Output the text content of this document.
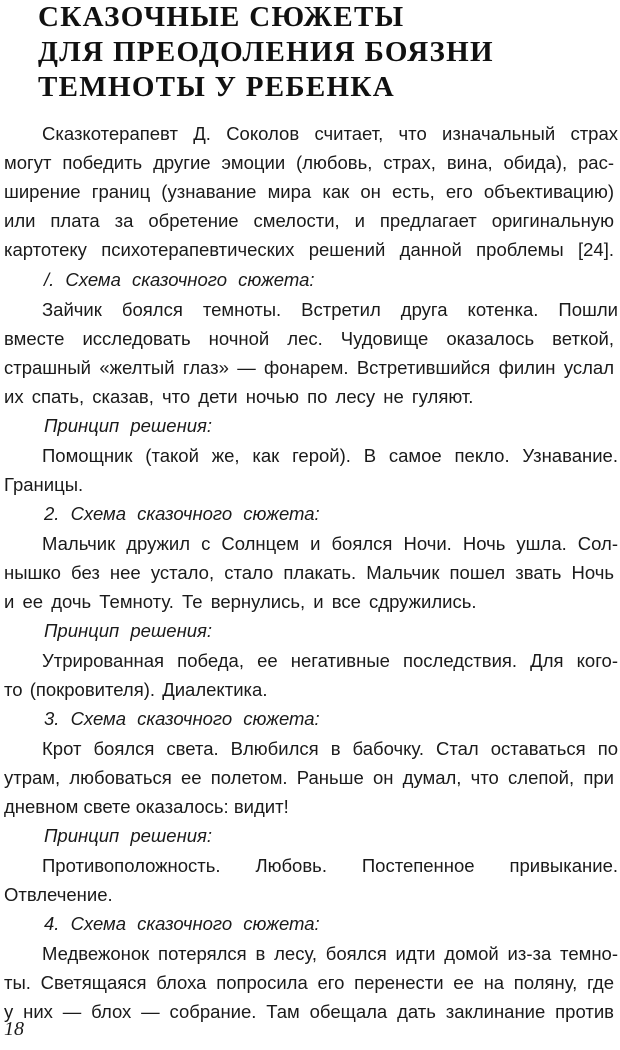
СКАЗОЧНЫЕ СЮЖЕТЫ
ДЛЯ ПРЕОДОЛЕНИЯ БОЯЗНИ
ТЕМНОТЫ У РЕБЕНКА
Сказкотерапевт Д. Соколов считает, что изначальный страх
могут победить другие эмоции (любовь, страх, вина, обида), рас-
ширение границ (узнавание мира как он есть, его объективацию)
или плата за обретение смелости, и предлагает оригинальную
картотеку психотерапевтических решений данной проблемы [24].
/. Схема сказочного сюжета:
Зайчик боялся темноты. Встретил друга котенка. Пошли
вместе исследовать ночной лес. Чудовище оказалось веткой,
страшный «желтый глаз» — фонарем. Встретившийся филин услал
их спать, сказав, что дети ночью по лесу не гуляют.
Принцип решения:
Помощник (такой же, как герой). В самое пекло. Узнавание.
Границы.
2. Схема сказочного сюжета:
Мальчик дружил с Солнцем и боялся Ночи. Ночь ушла. Сол-
нышко без нее устало, стало плакать. Мальчик пошел звать Ночь
и ее дочь Темноту. Те вернулись, и все сдружились.
Принцип решения:
Утрированная победа, ее негативные последствия. Для кого-
то (покровителя). Диалектика.
3. Схема сказочного сюжета:
Крот боялся света. Влюбился в бабочку. Стал оставаться по
утрам, любоваться ее полетом. Раньше он думал, что слепой, при
дневном свете оказалось: видит!
Принцип решения:
Противоположность. Любовь. Постепенное привыкание.
Отвлечение.
4. Схема сказочного сюжета:
Медвежонок потерялся в лесу, боялся идти домой из-за темно-
ты. Светящаяся блоха попросила его перенести ее на поляну, где
у них — блох — собрание. Там обещала дать заклинание против
18
